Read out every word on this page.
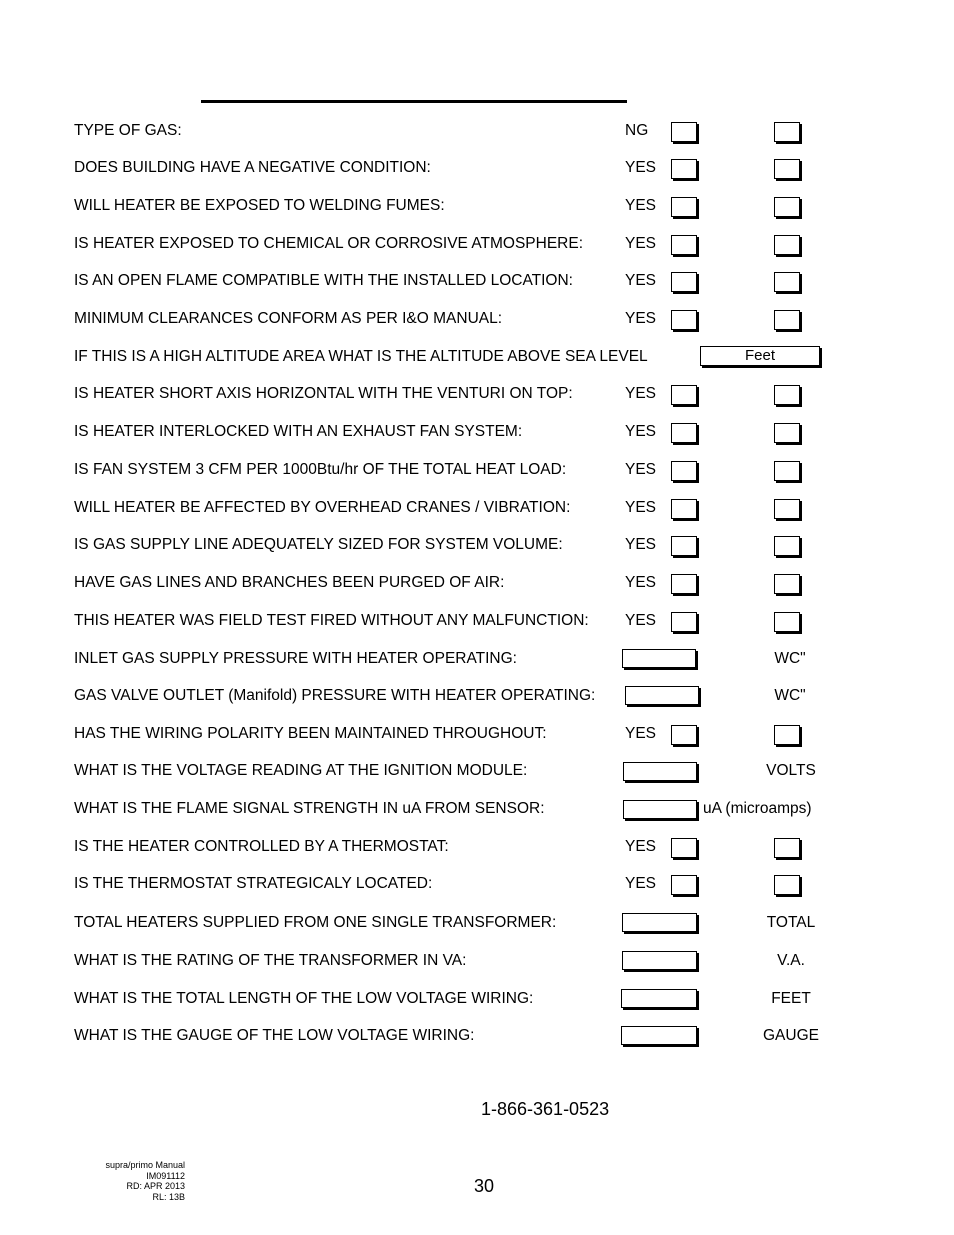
TYPE OF GAS:	NG
DOES BUILDING HAVE A NEGATIVE CONDITION:	YES
WILL HEATER BE EXPOSED TO WELDING FUMES:	YES
IS HEATER EXPOSED TO CHEMICAL OR CORROSIVE ATMOSPHERE:	YES
IS AN OPEN FLAME COMPATIBLE WITH THE INSTALLED LOCATION:	YES
MINIMUM CLEARANCES CONFORM AS PER I&O MANUAL:	YES
IF THIS IS A HIGH ALTITUDE AREA WHAT IS THE ALTITUDE ABOVE SEA LEVEL	Feet
IS HEATER SHORT AXIS HORIZONTAL WITH THE VENTURI ON TOP:	YES
IS HEATER INTERLOCKED WITH AN EXHAUST FAN SYSTEM:	YES
IS FAN SYSTEM 3 CFM PER 1000Btu/hr OF THE TOTAL HEAT LOAD:	YES
WILL HEATER BE AFFECTED BY OVERHEAD CRANES / VIBRATION:	YES
IS GAS SUPPLY LINE ADEQUATELY SIZED FOR SYSTEM VOLUME:	YES
HAVE GAS LINES AND BRANCHES BEEN PURGED OF AIR:	YES
THIS HEATER WAS FIELD TEST FIRED WITHOUT ANY MALFUNCTION: YES
INLET GAS SUPPLY PRESSURE WITH HEATER OPERATING:	WC"
GAS VALVE OUTLET (Manifold) PRESSURE WITH HEATER OPERATING:	WC"
HAS THE WIRING POLARITY BEEN MAINTAINED THROUGHOUT:	YES
WHAT IS THE VOLTAGE READING AT THE IGNITION MODULE:	VOLTS
WHAT IS THE FLAME SIGNAL STRENGTH IN uA FROM SENSOR:	uA (microamps)
IS THE HEATER CONTROLLED BY A THERMOSTAT:	YES
IS THE THERMOSTAT STRATEGICALY LOCATED:	YES
TOTAL HEATERS SUPPLIED FROM ONE SINGLE TRANSFORMER:	TOTAL
WHAT IS THE RATING OF THE TRANSFORMER IN VA:	V.A.
WHAT IS THE TOTAL LENGTH OF THE LOW VOLTAGE WIRING:	FEET
WHAT IS THE GAUGE OF THE LOW VOLTAGE WIRING:	GAUGE
1-866-361-0523
supra/primo Manual
IM091112
RD: APR 2013
RL: 13B
30
